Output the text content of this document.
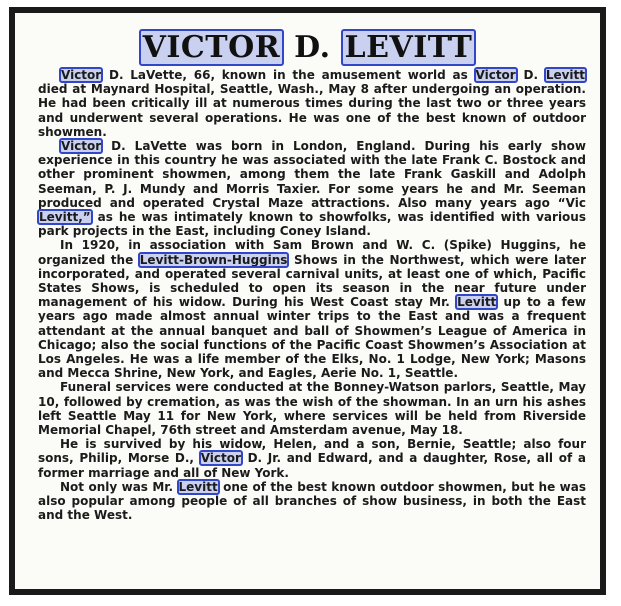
VICTOR D. LEVITT

Victor D. LaVette, 66, known in the amusement world as Victor D. Levitt died at Maynard Hospital, Seattle, Wash., May 8 after undergoing an operation. He had been critically ill at numerous times during the last two or three years and underwent several operations. He was one of the best known of outdoor showmen.

Victor D. LaVette was born in London, England. During his early show experience in this country he was associated with the late Frank C. Bostock and other prominent showmen, among them the late Frank Gaskill and Adolph Seeman, P. J. Mundy and Morris Taxier. For some years he and Mr. Seeman produced and operated Crystal Maze attractions. Also many years ago “Vic Levitt,” as he was intimately known to showfolks, was identified with various park projects in the East, including Coney Island.

In 1920, in association with Sam Brown and W. C. (Spike) Huggins, he organized the Levitt-Brown-Huggins Shows in the Northwest, which were later incorporated, and operated several carnival units, at least one of which, Pacific States Shows, is scheduled to open its season in the near future under management of his widow. During his West Coast stay Mr. Levitt up to a few years ago made almost annual winter trips to the East and was a frequent attendant at the annual banquet and ball of Showmen’s League of America in Chicago; also the social functions of the Pacific Coast Showmen’s Association at Los Angeles. He was a life member of the Elks, No. 1 Lodge, New York; Masons and Mecca Shrine, New York, and Eagles, Aerie No. 1, Seattle.

Funeral services were conducted at the Bonney-Watson parlors, Seattle, May 10, followed by cremation, as was the wish of the showman. In an urn his ashes left Seattle May 11 for New York, where services will be held from Riverside Memorial Chapel, 76th street and Amsterdam avenue, May 18.

He is survived by his widow, Helen, and a son, Bernie, Seattle; also four sons, Philip, Morse D., Victor D. Jr. and Edward, and a daughter, Rose, all of a former marriage and all of New York.

Not only was Mr. Levitt one of the best known outdoor showmen, but he was also popular among people of all branches of show business, in both the East and the West.
